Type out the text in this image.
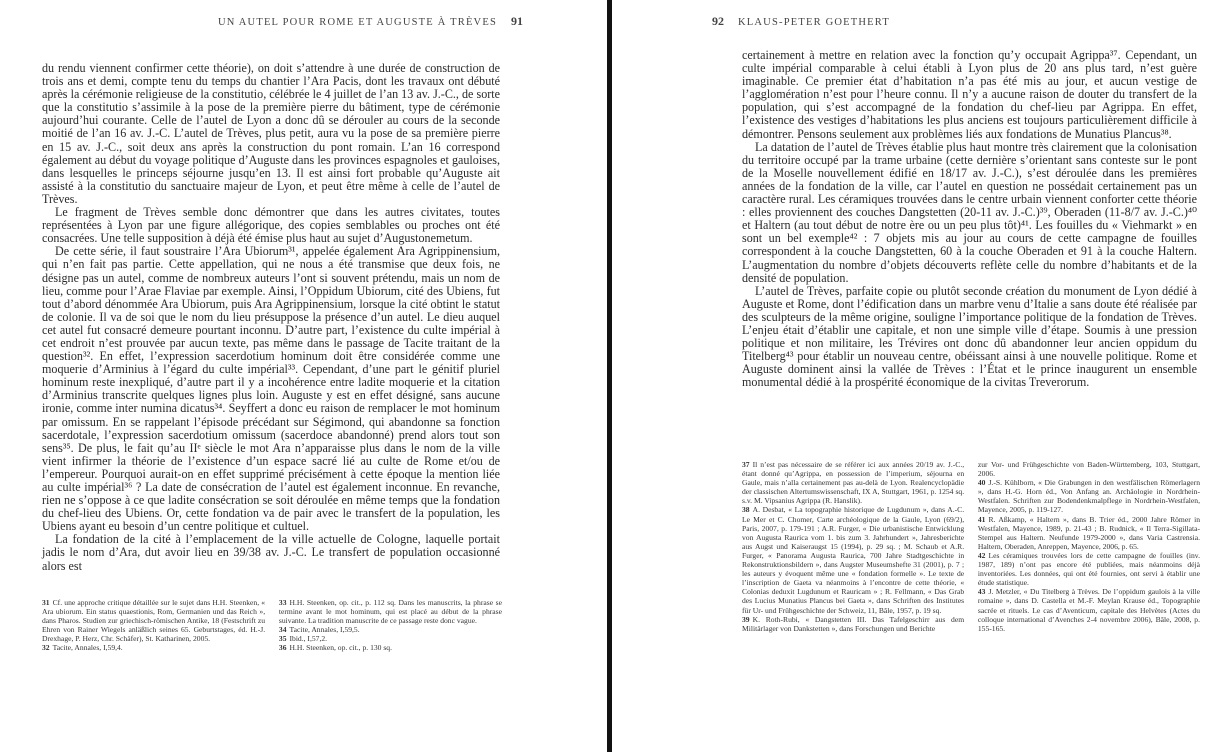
UN AUTEL POUR ROME ET AUGUSTE À TRÈVES 91

du rendu viennent confirmer cette théorie), on doit s’attendre à une durée de construction de trois ans et demi, compte tenu du temps du chantier l’Ara Pacis, dont les travaux ont débuté après la cérémonie religieuse de la constitutio, célébrée le 4 juillet de l’an 13 av. J.-C., de sorte que la constitutio s’assimile à la pose de la première pierre du bâtiment, type de cérémonie aujourd’hui courante. Celle de l’autel de Lyon a donc dû se dérouler au cours de la seconde moitié de l’an 16 av. J.-C. L’autel de Trèves, plus petit, aura vu la pose de sa première pierre en 15 av. J.-C., soit deux ans après la construction du pont romain. L’an 16 correspond également au début du voyage politique d’Auguste dans les provinces espagnoles et gauloises, dans lesquelles le princeps séjourne jusqu’en 13. Il est ainsi fort probable qu’Auguste ait assisté à la constitutio du sanctuaire majeur de Lyon, et peut être même à celle de l’autel de Trèves.

Le fragment de Trèves semble donc démontrer que dans les autres civitates, toutes représentées à Lyon par une figure allégorique, des copies semblables ou proches ont été consacrées. Une telle supposition à déjà été émise plus haut au sujet d’Augustonemetum.

De cette série, il faut soustraire l’Ara Ubiorum³¹, appelée également Ara Agrippinensium, qui n’en fait pas partie. Cette appellation, qui ne nous a été transmise que deux fois, ne désigne pas un autel, comme de nombreux auteurs l’ont si souvent prétendu, mais un nom de lieu, comme pour l’Arae Flaviae par exemple. Ainsi, l’Oppidum Ubiorum, cité des Ubiens, fut tout d’abord dénommée Ara Ubiorum, puis Ara Agrippinensium, lorsque la cité obtint le statut de colonie. Il va de soi que le nom du lieu présuppose la présence d’un autel. Le dieu auquel cet autel fut consacré demeure pourtant inconnu. D’autre part, l’existence du culte impérial à cet endroit n’est prouvée par aucun texte, pas même dans le passage de Tacite traitant de la question³². En effet, l’expression sacerdotium hominum doit être considérée comme une moquerie d’Arminius à l’égard du culte impérial³³. Cependant, d’une part le génitif pluriel hominum reste inexpliqué, d’autre part il y a incohérence entre ladite moquerie et la citation d’Arminius transcrite quelques lignes plus loin. Auguste y est en effet désigné, sans aucune ironie, comme inter numina dicatus³⁴. Seyffert a donc eu raison de remplacer le mot hominum par omissum. En se rappelant l’épisode précédant sur Ségimond, qui abandonne sa fonction sacerdotale, l’expression sacerdotium omissum (sacerdoce abandonné) prend alors tout son sens³⁵. De plus, le fait qu’au IIᵉ siècle le mot Ara n’apparaisse plus dans le nom de la ville vient infirmer la théorie de l’existence d’un espace sacré lié au culte de Rome et/ou de l’empereur. Pourquoi aurait-on en effet supprimé précisément à cette époque la mention liée au culte impérial³⁶ ? La date de consécration de l’autel est également inconnue. En revanche, rien ne s’oppose à ce que ladite consécration se soit déroulée en même temps que la fondation du chef-lieu des Ubiens. Or, cette fondation va de pair avec le transfert de la population, les Ubiens ayant eu besoin d’un centre politique et cultuel.

La fondation de la cité à l’emplacement de la ville actuelle de Cologne, laquelle portait jadis le nom d’Ara, dut avoir lieu en 39/38 av. J.-C. Le transfert de population occasionné alors est

31 Cf. une approche critique détaillée sur le sujet dans H.H. Steenken, « Ara ubiorum. Ein status quaestionis, Rom, Germanien und das Reich », dans Pharos. Studien zur griechisch-römischen Antike, 18 (Festschrift zu Ehren von Rainer Wiegels anläßlich seines 65. Geburtstages, éd. H.-J. Drexhage, P. Herz, Chr. Schäfer), St. Katharinen, 2005.

32 Tacite, Annales, I,59,4.

33 H.H. Steenken, op. cit., p. 112 sq. Dans les manuscrits, la phrase se termine avant le mot hominum, qui est placé au début de la phrase suivante. La tradition manuscrite de ce passage reste donc vague.

34 Tacite, Annales, I,59,5.

35 Ibid., I,57,2.

36 H.H. Steenken, op. cit., p. 130 sq.

92 KLAUS-PETER GOETHERT

certainement à mettre en relation avec la fonction qu’y occupait Agrippa³⁷. Cependant, un culte impérial comparable à celui établi à Lyon plus de 20 ans plus tard, n’est guère imaginable. Ce premier état d’habitation n’a pas été mis au jour, et aucun vestige de l’agglomération n’est pour l’heure connu. Il n’y a aucune raison de douter du transfert de la population, qui s’est accompagné de la fondation du chef-lieu par Agrippa. En effet, l’existence des vestiges d’habitations les plus anciens est toujours particulièrement difficile à démontrer. Pensons seulement aux problèmes liés aux fondations de Munatius Plancus³⁸.

La datation de l’autel de Trèves établie plus haut montre très clairement que la colonisation du territoire occupé par la trame urbaine (cette dernière s’orientant sans conteste sur le pont de la Moselle nouvellement édifié en 18/17 av. J.-C.), s’est déroulée dans les premières années de la fondation de la ville, car l’autel en question ne possédait certainement pas un caractère rural. Les céramiques trouvées dans le centre urbain viennent conforter cette théorie : elles proviennent des couches Dangstetten (20-11 av. J.-C.)³⁹, Oberaden (11-8/7 av. J.-C.)⁴⁰ et Haltern (au tout début de notre ère ou un peu plus tôt)⁴¹. Les fouilles du « Viehmarkt » en sont un bel exemple⁴² : 7 objets mis au jour au cours de cette campagne de fouilles correspondent à la couche Dangstetten, 60 à la couche Oberaden et 91 à la couche Haltern. L’augmentation du nombre d’objets découverts reflète celle du nombre d’habitants et de la densité de population.

L’autel de Trèves, parfaite copie ou plutôt seconde création du monument de Lyon dédié à Auguste et Rome, dont l’édification dans un marbre venu d’Italie a sans doute été réalisée par des sculpteurs de la même origine, souligne l’importance politique de la fondation de Trèves. L’enjeu était d’établir une capitale, et non une simple ville d’étape. Soumis à une pression politique et non militaire, les Trévires ont donc dû abandonner leur ancien oppidum du Titelberg⁴³ pour établir un nouveau centre, obéissant ainsi à une nouvelle politique. Rome et Auguste dominent ainsi la vallée de Trèves : l’État et le prince inaugurent un ensemble monumental dédié à la prospérité économique de la civitas Treverorum.

37 Il n’est pas nécessaire de se référer ici aux années 20/19 av. J.-C., étant donné qu’Agrippa, en possession de l’imperium, séjourna en Gaule, mais n’alla certainement pas au-delà de Lyon. Realencyclopädie der classischen Altertumswissenschaft, IX A, Stuttgart, 1961, p. 1254 sq. s.v. M. Vipsanius Agrippa (R. Hanslik).

38 A. Desbat, « La topographie historique de Lugdunum », dans A.-C. Le Mer et C. Chomer, Carte archéologique de la Gaule, Lyon (69/2), Paris, 2007, p. 179-191 ; A.R. Furger, « Die urbanistische Entwicklung von Augusta Raurica vom 1. bis zum 3. Jahrhundert », Jahresberichte aus Augst und Kaiseraugst 15 (1994), p. 29 sq. ; M. Schaub et A.R. Furger, « Panorama Augusta Raurica, 700 Jahre Stadtgeschichte in Rekonstruktionsbildern », dans Augster Museumshefte 31 (2001), p. 7 ; les auteurs y évoquent même une « fondation formelle ». Le texte de l’inscription de Gaeta va néanmoins à l’encontre de cette théorie, « Colonias deduxit Lugdunum et Rauricam » ; R. Fellmann, « Das Grab des Lucius Munatius Plancus bei Gaeta », dans Schriften des Institutes für Ur- und Frühgeschichte der Schweiz, 11, Bâle, 1957, p. 19 sq.

39 K. Roth-Rubi, « Dangstetten III. Das Tafelgeschirr aus dem Militärlager von Dankstetten », dans Forschungen und Berichte

zur Vor- und Frühgeschichte von Baden-Württemberg, 103, Stuttgart, 2006.

40 J.-S. Kühlborn, « Die Grabungen in den westfälischen Römerlagern », dans H.-G. Horn éd., Von Anfang an. Archäologie in Nordrhein-Westfalen. Schriften zur Bodendenkmalpflege in Nordrhein-Westfalen, Mayence, 2005, p. 119-127.

41 R. Aßkamp, « Haltern », dans B. Trier éd., 2000 Jahre Römer in Westfalen, Mayence, 1989, p. 21-43 ; B. Rudnick, « Il Terra-Sigillata-Stempel aus Haltern. Neufunde 1979-2000 », dans Varia Castrensia. Haltern, Oberaden, Anreppen, Mayence, 2006, p. 65.

42 Les céramiques trouvées lors de cette campagne de fouilles (inv. 1987, 189) n’ont pas encore été publiées, mais néanmoins déjà inventoriées. Les données, qui ont été fournies, ont servi à établir une étude statistique.

43 J. Metzler, « Du Titelberg à Trèves. De l’oppidum gaulois à la ville romaine », dans D. Castella et M.-F. Meylan Krause éd., Topographie sacrée et rituels. Le cas d’Aventicum, capitale des Helvètes (Actes du colloque international d’Avenches 2-4 novembre 2006), Bâle, 2008, p. 155-165.
